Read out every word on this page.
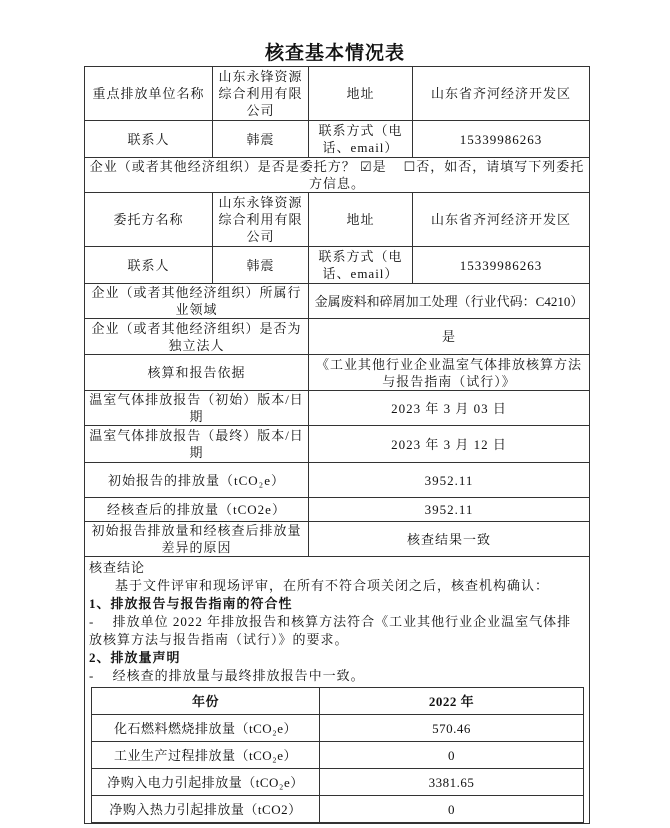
核查基本情况表
重点排放单位名称	山东永锋资源综合利用有限公司	地址	山东省齐河经济开发区
联系人	韩震	联系方式（电话、email）	15339986263
企业（或者其他经济组织）是否是委托方？ ☑是 ☐否，如否，请填写下列委托方信息。
委托方名称	山东永锋资源综合利用有限公司	地址	山东省齐河经济开发区
联系人	韩震	联系方式（电话、email）	15339986263
企业（或者其他经济组织）所属行业领域	金属废料和碎屑加工处理（行业代码：C4210）
企业（或者其他经济组织）是否为独立法人	是
核算和报告依据	《工业其他行业企业温室气体排放核算方法与报告指南（试行）》
温室气体排放报告（初始）版本/日期	2023 年 3 月 03 日
温室气体排放报告（最终）版本/日期	2023 年 3 月 12 日
初始报告的排放量（tCO₂e）	3952.11
经核查后的排放量（tCO2e）	3952.11
初始报告排放量和经核查后排放量差异的原因	核查结果一致

核查结论

基于文件评审和现场评审，在所有不符合项关闭之后，核查机构确认：

1、排放报告与报告指南的符合性

-　 排放单位 2022 年排放报告和核算方法符合《工业其他行业企业温室气体排放核算方法与报告指南（试行）》的要求。

2、排放量声明

-　 经核查的排放量与最终排放报告中一致。

年份	2022 年
化石燃料燃烧排放量（tCO₂e）	570.46
工业生产过程排放量（tCO₂e）	0
净购入电力引起排放量（tCO₂e）	3381.65
净购入热力引起排放量（tCO2）	0
